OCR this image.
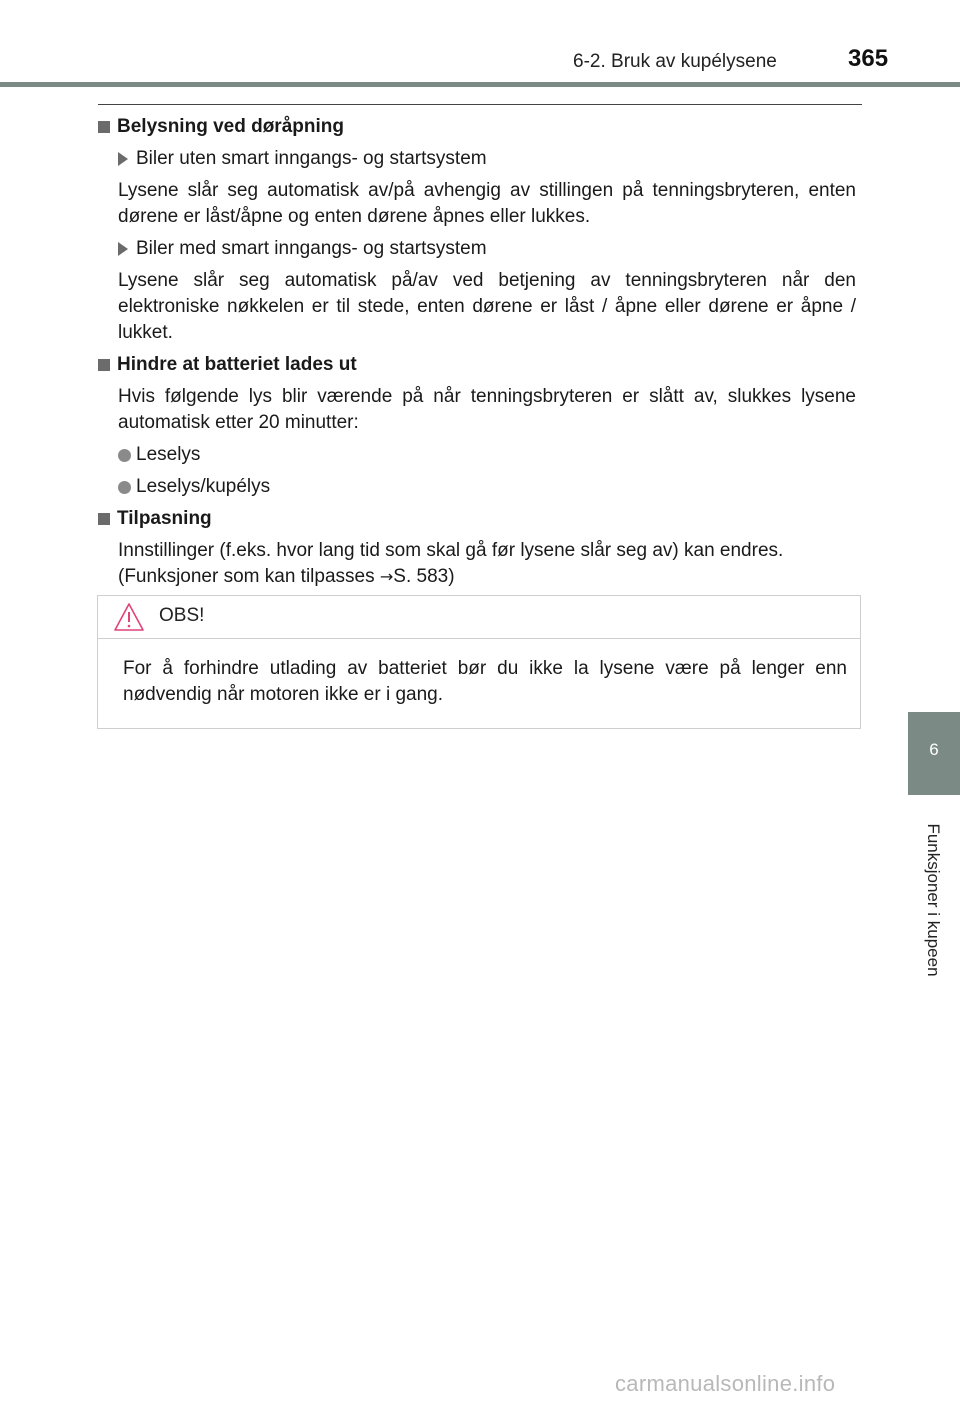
6-2. Bruk av kupélysene	365
Belysning ved døråpning
Biler uten smart inngangs- og startsystem
Lysene slår seg automatisk av/på avhengig av stillingen på tenningsbryteren, enten dørene er låst/åpne og enten dørene åpnes eller lukkes.
Biler med smart inngangs- og startsystem
Lysene slår seg automatisk på/av ved betjening av tenningsbryteren når den elektroniske nøkkelen er til stede, enten dørene er låst / åpne eller dørene er åpne / lukket.
Hindre at batteriet lades ut
Hvis følgende lys blir værende på når tenningsbryteren er slått av, slukkes lysene automatisk etter 20 minutter:
Leselys
Leselys/kupélys
Tilpasning
Innstillinger (f.eks. hvor lang tid som skal gå før lysene slår seg av) kan endres.
(Funksjoner som kan tilpasses →S. 583)
OBS!
For å forhindre utlading av batteriet bør du ikke la lysene være på lenger enn nødvendig når motoren ikke er i gang.
6
Funksjoner i kupeen
carmanualsonline.info
